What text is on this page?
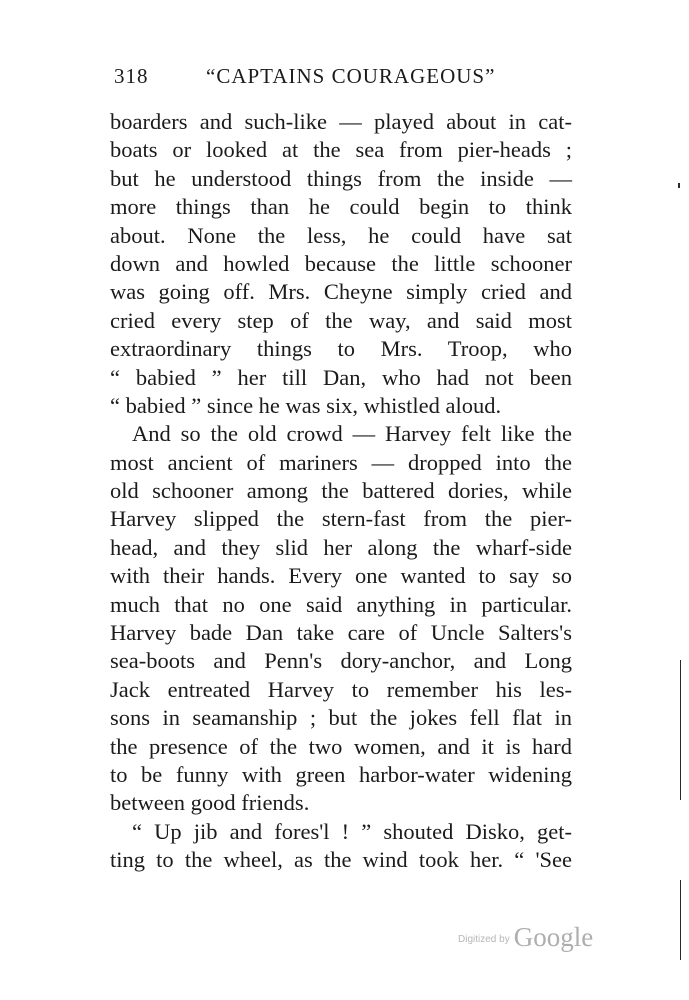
318	“CAPTAINS COURAGEOUS”
boarders and such-like — played about in cat-
boats or looked at the sea from pier-heads ;
but he understood things from the inside —
more things than he could begin to think
about. None the less, he could have sat
down and howled because the little schooner
was going off. Mrs. Cheyne simply cried and
cried every step of the way, and said most
extraordinary things to Mrs. Troop, who
“ babied ” her till Dan, who had not been
“ babied ” since he was six, whistled aloud.
And so the old crowd — Harvey felt like the
most ancient of mariners — dropped into the
old schooner among the battered dories, while
Harvey slipped the stern-fast from the pier-
head, and they slid her along the wharf-side
with their hands. Every one wanted to say so
much that no one said anything in particular.
Harvey bade Dan take care of Uncle Salters's
sea-boots and Penn's dory-anchor, and Long
Jack entreated Harvey to remember his les-
sons in seamanship ; but the jokes fell flat in
the presence of the two women, and it is hard
to be funny with green harbor-water widening
between good friends.
“ Up jib and fores'l ! ” shouted Disko, get-
ting to the wheel, as the wind took her. “ 'See
$^{Digitized by}$ Google
